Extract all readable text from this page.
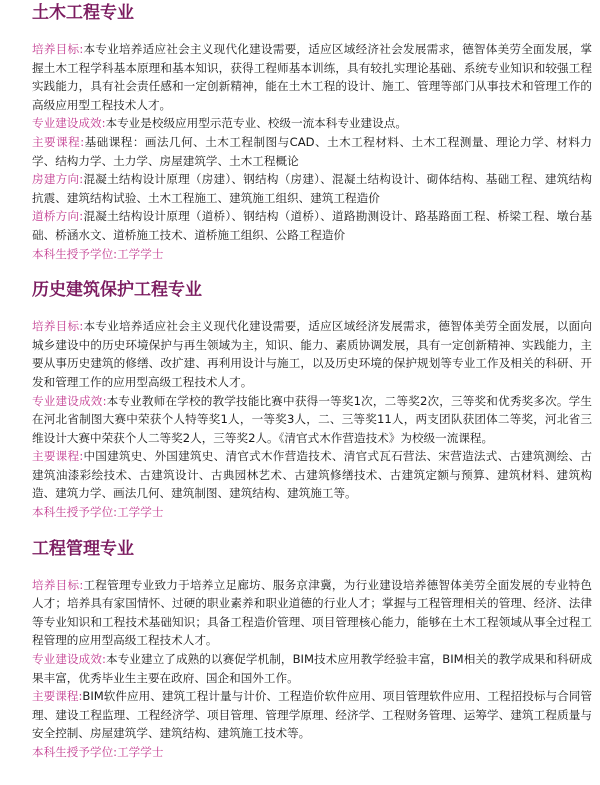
土木工程专业

培养目标:本专业培养适应社会主义现代化建设需要，适应区域经济社会发展需求，德智体美劳全面发展，掌握土木工程学科基本原理和基本知识，获得工程师基本训练，具有较扎实理论基础、系统专业知识和较强工程实践能力，具有社会责任感和一定创新精神，能在土木工程的设计、施工、管理等部门从事技术和管理工作的高级应用型工程技术人才。

专业建设成效:本专业是校级应用型示范专业、校级一流本科专业建设点。

主要课程:基础课程：画法几何、土木工程制图与CAD、土木工程材料、土木工程测量、理论力学、材料力学、结构力学、土力学、房屋建筑学、土木工程概论

房建方向:混凝土结构设计原理（房建）、钢结构（房建）、混凝土结构设计、砌体结构、基础工程、建筑结构抗震、建筑结构试验、土木工程施工、建筑施工组织、建筑工程造价

道桥方向:混凝土结构设计原理（道桥）、钢结构（道桥）、道路勘测设计、路基路面工程、桥梁工程、墩台基础、桥涵水文、道桥施工技术、道桥施工组织、公路工程造价

本科生授予学位:工学学士

历史建筑保护工程专业

培养目标:本专业培养适应社会主义现代化建设需要，适应区域经济发展需求，德智体美劳全面发展，以面向城乡建设中的历史环境保护与再生领域为主，知识、能力、素质协调发展，具有一定创新精神、实践能力，主要从事历史建筑的修缮、改扩建、再利用设计与施工，以及历史环境的保护规划等专业工作及相关的科研、开发和管理工作的应用型高级工程技术人才。

专业建设成效:本专业教师在学校的教学技能比赛中获得一等奖1次，二等奖2次，三等奖和优秀奖多次。学生在河北省制图大赛中荣获个人特等奖1人，一等奖3人，二、三等奖11人，两支团队获团体二等奖，河北省三维设计大赛中荣获个人二等奖2人，三等奖2人。《清官式木作营造技术》为校级一流课程。

主要课程:中国建筑史、外国建筑史、清官式木作营造技术、清官式瓦石营法、宋营造法式、古建筑测绘、古建筑油漆彩绘技术、古建筑设计、古典园林艺术、古建筑修缮技术、古建筑定额与预算、建筑材料、建筑构造、建筑力学、画法几何、建筑制图、建筑结构、建筑施工等。

本科生授予学位:工学学士

工程管理专业

培养目标:工程管理专业致力于培养立足廊坊、服务京津冀，为行业建设培养德智体美劳全面发展的专业特色人才；培养具有家国情怀、过硬的职业素养和职业道德的行业人才；掌握与工程管理相关的管理、经济、法律等专业知识和工程技术基础知识；具备工程造价管理、项目管理核心能力，能够在土木工程领域从事全过程工程管理的应用型高级工程技术人才。

专业建设成效:本专业建立了成熟的以赛促学机制，BIM技术应用教学经验丰富，BIM相关的教学成果和科研成果丰富，优秀毕业生主要在政府、国企和国外工作。

主要课程:BIM软件应用、建筑工程计量与计价、工程造价软件应用、项目管理软件应用、工程招投标与合同管理、建设工程监理、工程经济学、项目管理、管理学原理、经济学、工程财务管理、运筹学、建筑工程质量与安全控制、房屋建筑学、建筑结构、建筑施工技术等。

本科生授予学位:工学学士
